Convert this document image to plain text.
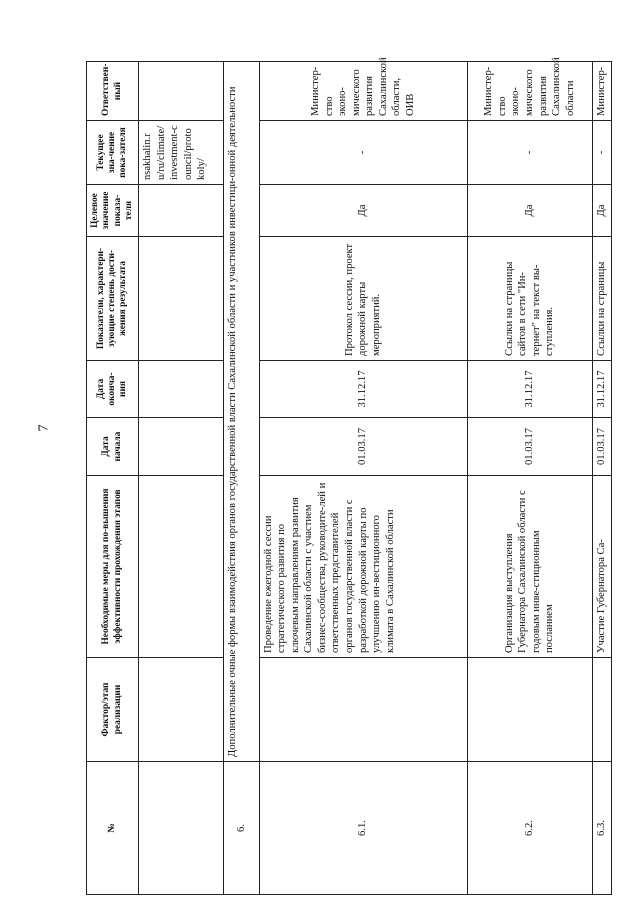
7
№	Фактор/этап реализации	Необходимые меры для по-вышения эффективности прохождения этапов	Дата начала	Дата оконча-ния	Показатели, характери-зующие степень дости-жения результата	Целевое значение показа-теля	Текущее зна-чение пока-зателя	Ответствен-ный
							nsakhalin.ru/ru/climate/investment-council/protokoly/	
6.	Дополнительные очные формы взаимодействия органов государственной власти Сахалинской области и участников инвестици-онной деятельности							
6.1.		Проведение ежегодной сессии стратегического развития по ключевым направлениям развития Сахалинской области с участием бизнес-сообщества, руководите-лей и ответственных представителей органов государственной власти с разработкой дорожной карты по улучшению ин-вестиционного климата в Сахалинской области	01.03.17	31.12.17	Протокол сессии, проект дорожной карты мероприятий.	Да	-	Министер-ство эконо-мического развития Сахалинской области, ОИВ
6.2.		Организация выступления Губернатора Сахалинской области с годовым инве-стиционным посланием	01.03.17	31.12.17	Ссылки на страницы сайтов в сети "Ин-тернет" на текст вы-ступления.	Да	-	Министер-ство эконо-мического развития Сахалинской области
6.3.		Участие Губернатора Са-	01.03.17	31.12.17	Ссылки на страницы	Да	-	Министер-
